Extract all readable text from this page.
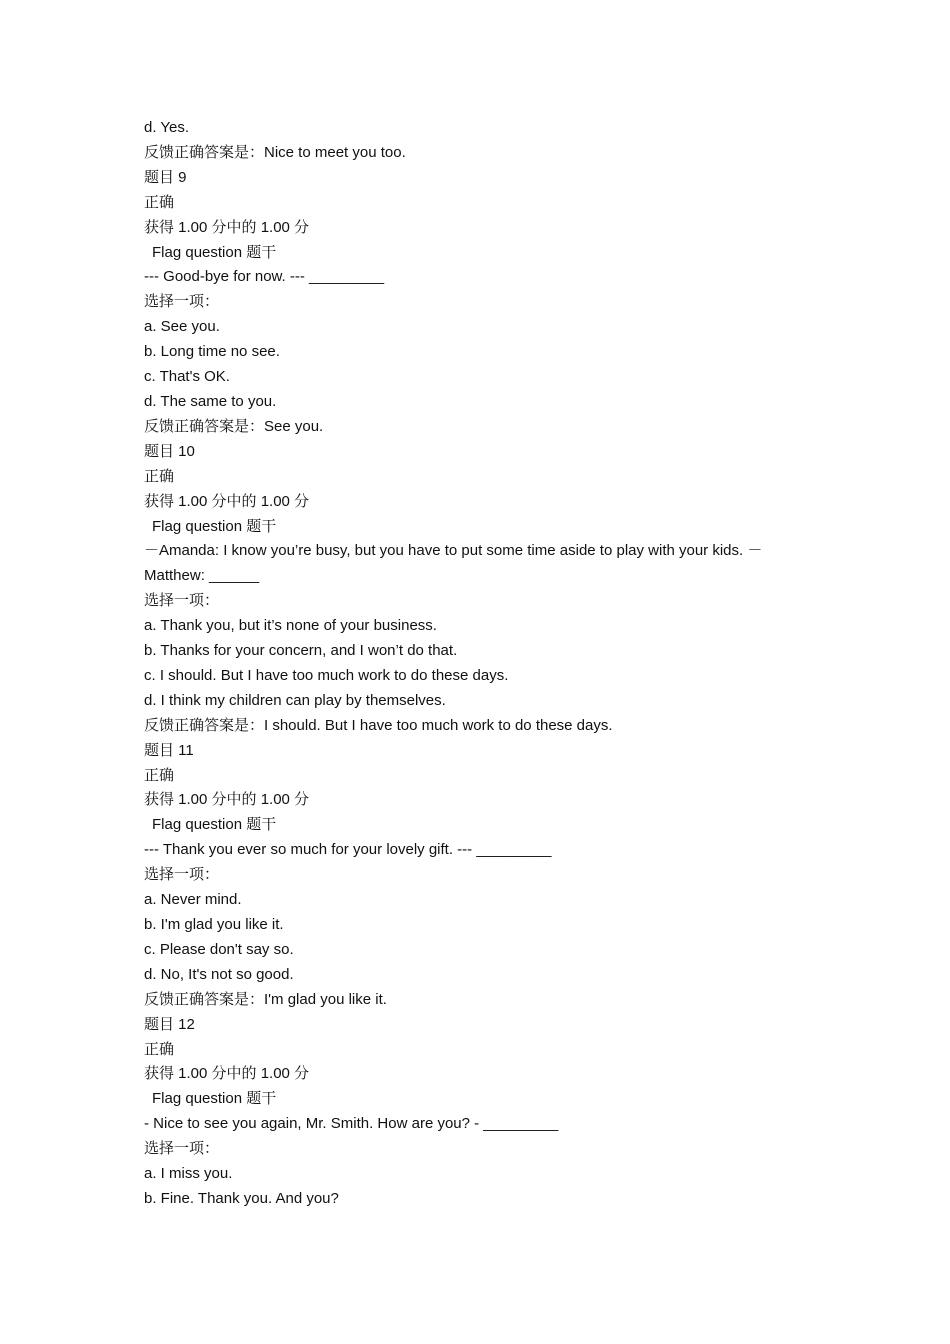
d. Yes.
反馈正确答案是：Nice to meet you too.
题目 9
正确
获得 1.00 分中的 1.00 分
Flag question 题干
--- Good-bye for now. --- _________
选择一项：
a. See you.
b. Long time no see.
c. That's OK.
d. The same to you.
反馈正确答案是：See you.
题目 10
正确
获得 1.00 分中的 1.00 分
Flag question 题干
－Amanda: I know you’re busy, but you have to put some time aside to play with your kids. －
Matthew: ______
选择一项：
a. Thank you, but it’s none of your business.
b. Thanks for your concern, and I won’t do that.
c. I should. But I have too much work to do these days.
d. I think my children can play by themselves.
反馈正确答案是：I should. But I have too much work to do these days.
题目 11
正确
获得 1.00 分中的 1.00 分
Flag question 题干
--- Thank you ever so much for your lovely gift. --- _________
选择一项：
a. Never mind.
b. I'm glad you like it.
c. Please don't say so.
d. No, It's not so good.
反馈正确答案是：I'm glad you like it.
题目 12
正确
获得 1.00 分中的 1.00 分
Flag question 题干
- Nice to see you again, Mr. Smith. How are you? - _________
选择一项：
a. I miss you.
b. Fine. Thank you. And you?
